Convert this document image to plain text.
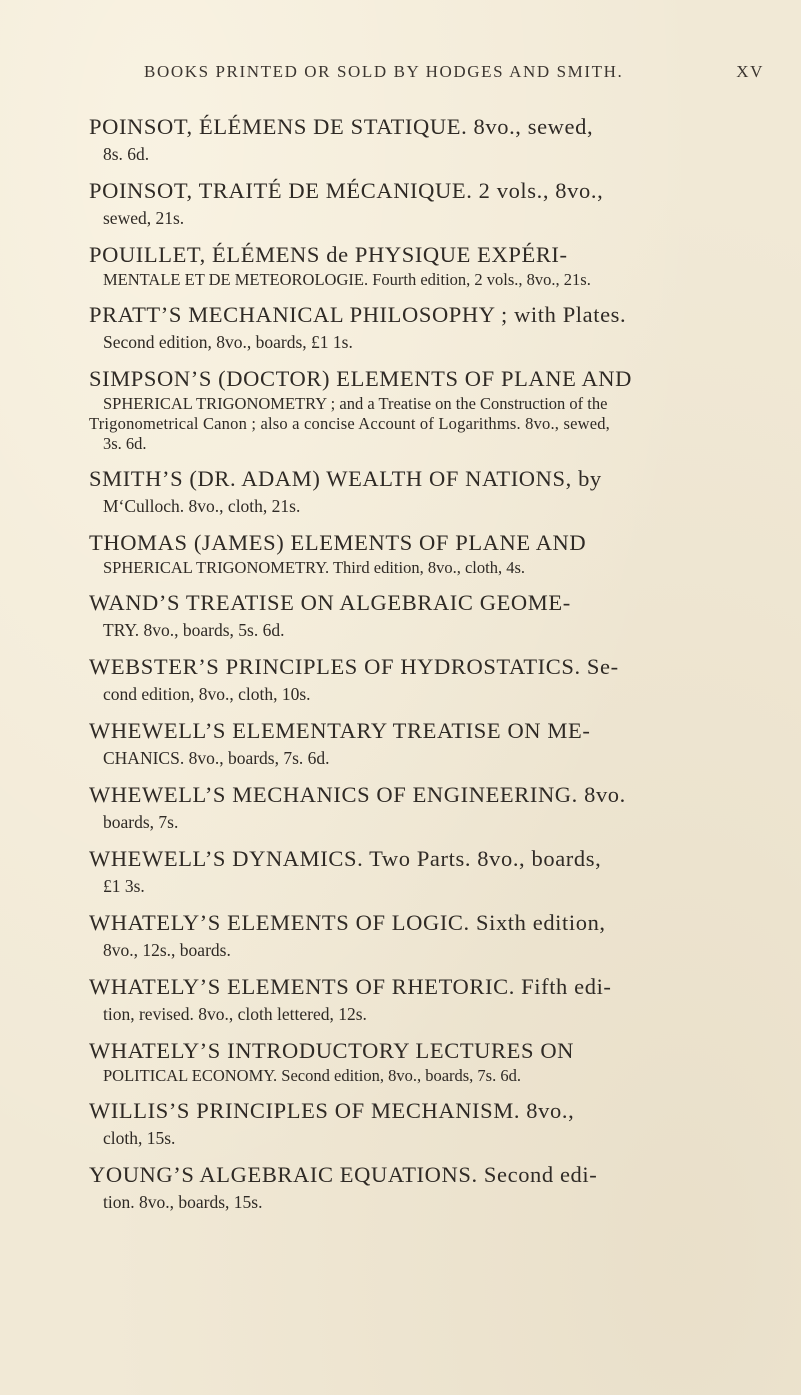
BOOKS PRINTED OR SOLD BY HODGES AND SMITH.	XV
POINSOT, ÉLÉMENS DE STATIQUE. 8vo., sewed,
8s. 6d.
POINSOT, TRAITÉ DE MÉCANIQUE. 2 vols., 8vo.,
sewed, 21s.
POUILLET, ÉLÉMENS de PHYSIQUE EXPÉRI-
MENTALE ET DE METEOROLOGIE. Fourth edition, 2 vols., 8vo., 21s.
PRATT’S MECHANICAL PHILOSOPHY ; with Plates.
Second edition, 8vo., boards, £1 1s.
SIMPSON’S (DOCTOR) ELEMENTS OF PLANE AND
SPHERICAL TRIGONOMETRY ; and a Treatise on the Construction of the
Trigonometrical Canon ; also a concise Account of Logarithms. 8vo., sewed,
3s. 6d.
SMITH’S (DR. ADAM) WEALTH OF NATIONS, by
M‘Culloch. 8vo., cloth, 21s.
THOMAS (JAMES) ELEMENTS OF PLANE AND
SPHERICAL TRIGONOMETRY. Third edition, 8vo., cloth, 4s.
WAND’S TREATISE ON ALGEBRAIC GEOME-
TRY. 8vo., boards, 5s. 6d.
WEBSTER’S PRINCIPLES OF HYDROSTATICS. Se-
cond edition, 8vo., cloth, 10s.
WHEWELL’S ELEMENTARY TREATISE ON ME-
CHANICS. 8vo., boards, 7s. 6d.
WHEWELL’S MECHANICS OF ENGINEERING. 8vo.
boards, 7s.
WHEWELL’S DYNAMICS. Two Parts. 8vo., boards,
£1 3s.
WHATELY’S ELEMENTS OF LOGIC. Sixth edition,
8vo., 12s., boards.
WHATELY’S ELEMENTS OF RHETORIC. Fifth edi-
tion, revised. 8vo., cloth lettered, 12s.
WHATELY’S INTRODUCTORY LECTURES ON
POLITICAL ECONOMY. Second edition, 8vo., boards, 7s. 6d.
WILLIS’S PRINCIPLES OF MECHANISM. 8vo.,
cloth, 15s.
YOUNG’S ALGEBRAIC EQUATIONS. Second edi-
tion. 8vo., boards, 15s.
